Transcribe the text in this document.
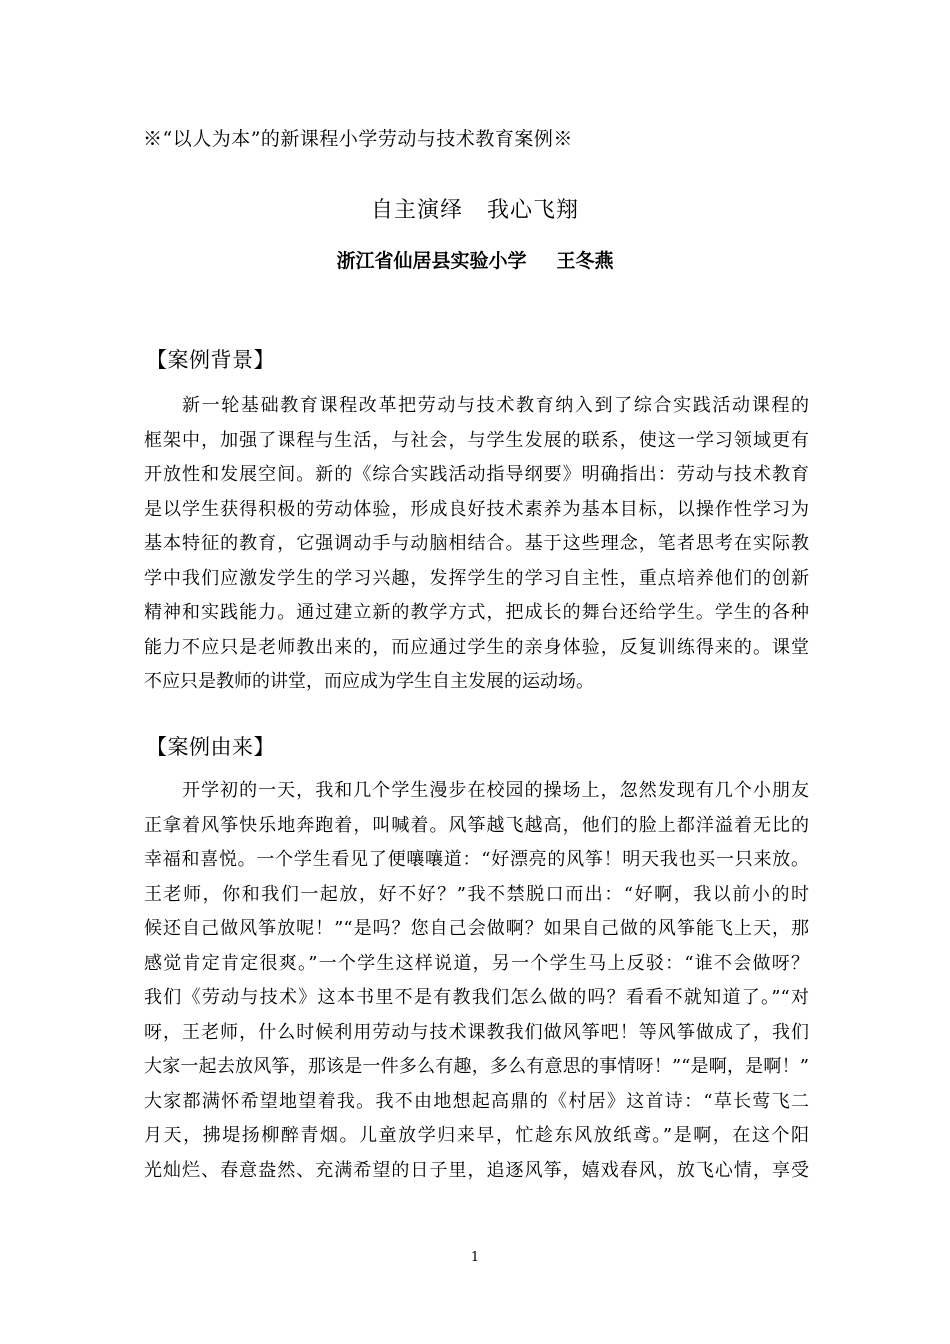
※“以人为本”的新课程小学劳动与技术教育案例※
自主演绎   我心飞翔
浙江省仙居县实验小学 王冬燕
【案例背景】
新一轮基础教育课程改革把劳动与技术教育纳入到了综合实践活动课程的
框架中，加强了课程与生活，与社会，与学生发展的联系，使这一学习领域更有
开放性和发展空间。新的《综合实践活动指导纲要》明确指出：劳动与技术教育
是以学生获得积极的劳动体验，形成良好技术素养为基本目标，以操作性学习为
基本特征的教育，它强调动手与动脑相结合。基于这些理念，笔者思考在实际教
学中我们应激发学生的学习兴趣，发挥学生的学习自主性，重点培养他们的创新
精神和实践能力。通过建立新的教学方式，把成长的舞台还给学生。学生的各种
能力不应只是老师教出来的，而应通过学生的亲身体验，反复训练得来的。课堂
不应只是教师的讲堂，而应成为学生自主发展的运动场。
【案例由来】
开学初的一天，我和几个学生漫步在校园的操场上，忽然发现有几个小朋友
正拿着风筝快乐地奔跑着，叫喊着。风筝越飞越高，他们的脸上都洋溢着无比的
幸福和喜悦。一个学生看见了便嚷嚷道：“好漂亮的风筝！明天我也买一只来放。
王老师，你和我们一起放，好不好？”我不禁脱口而出：“好啊，我以前小的时
候还自己做风筝放呢！”“是吗？您自己会做啊？如果自己做的风筝能飞上天，那
感觉肯定肯定很爽。”一个学生这样说道，另一个学生马上反驳：“谁不会做呀？
我们《劳动与技术》这本书里不是有教我们怎么做的吗？看看不就知道了。”“对
呀，王老师，什么时候利用劳动与技术课教我们做风筝吧！等风筝做成了，我们
大家一起去放风筝，那该是一件多么有趣，多么有意思的事情呀！”“是啊，是啊！”
大家都满怀希望地望着我。我不由地想起高鼎的《村居》这首诗：“草长莺飞二
月天，拂堤扬柳醉青烟。儿童放学归来早，忙趁东风放纸鸢。”是啊，在这个阳
光灿烂、春意盎然、充满希望的日子里，追逐风筝，嬉戏春风，放飞心情，享受
1
